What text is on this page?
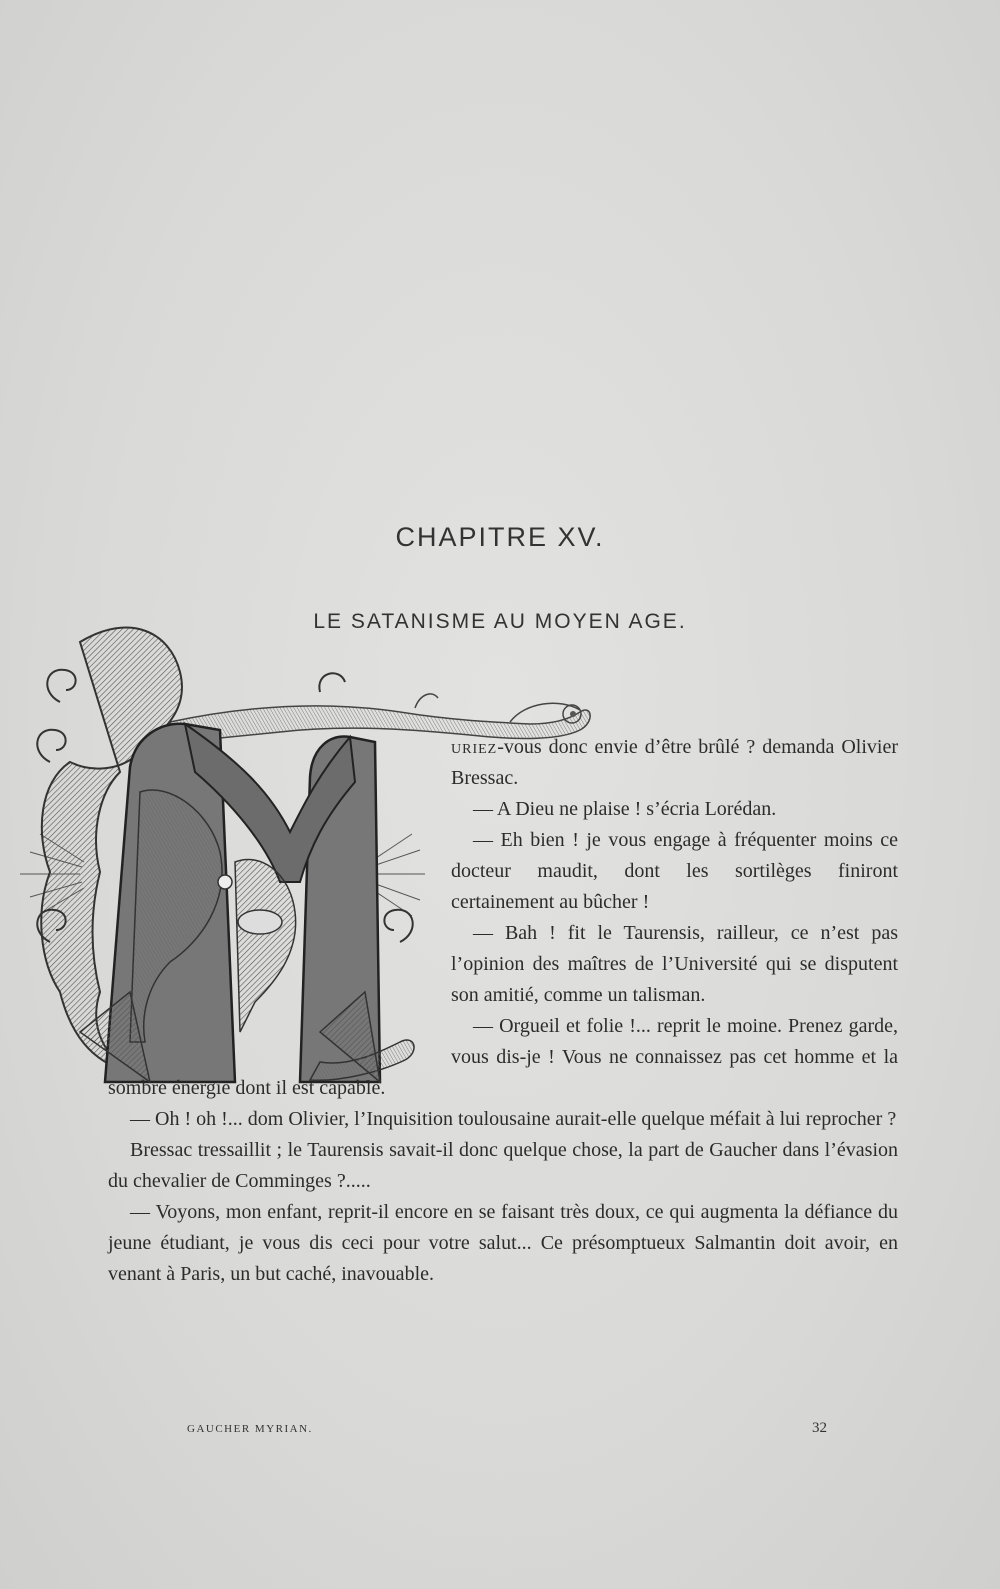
CHAPITRE XV.
LE SATANISME AU MOYEN AGE.

uriez-vous donc envie d’être brûlé ? demanda Olivier Bressac.

— A Dieu ne plaise ! s’écria Lorédan.

— Eh bien ! je vous engage à fréquenter moins ce docteur maudit, dont les sortilèges finiront certainement au bûcher !

— Bah ! fit le Taurensis, railleur, ce n’est pas l’opinion des maîtres de l’Université qui se disputent son amitié, comme un talisman.

— Orgueil et folie !... reprit le moine. Prenez garde, vous dis-je ! Vous ne connaissez pas cet homme et la sombre énergie dont il est capable.

— Oh ! oh !... dom Olivier, l’Inquisition toulousaine aurait-elle quelque méfait à lui reprocher ?

Bressac tressaillit ; le Taurensis savait-il donc quelque chose, la part de Gaucher dans l’évasion du chevalier de Comminges ?.....

— Voyons, mon enfant, reprit-il encore en se faisant très doux, ce qui augmenta la défiance du jeune étudiant, je vous dis ceci pour votre salut... Ce présomptueux Salmantin doit avoir, en venant à Paris, un but caché, inavouable.

GAUCHER MYRIAN.	32
